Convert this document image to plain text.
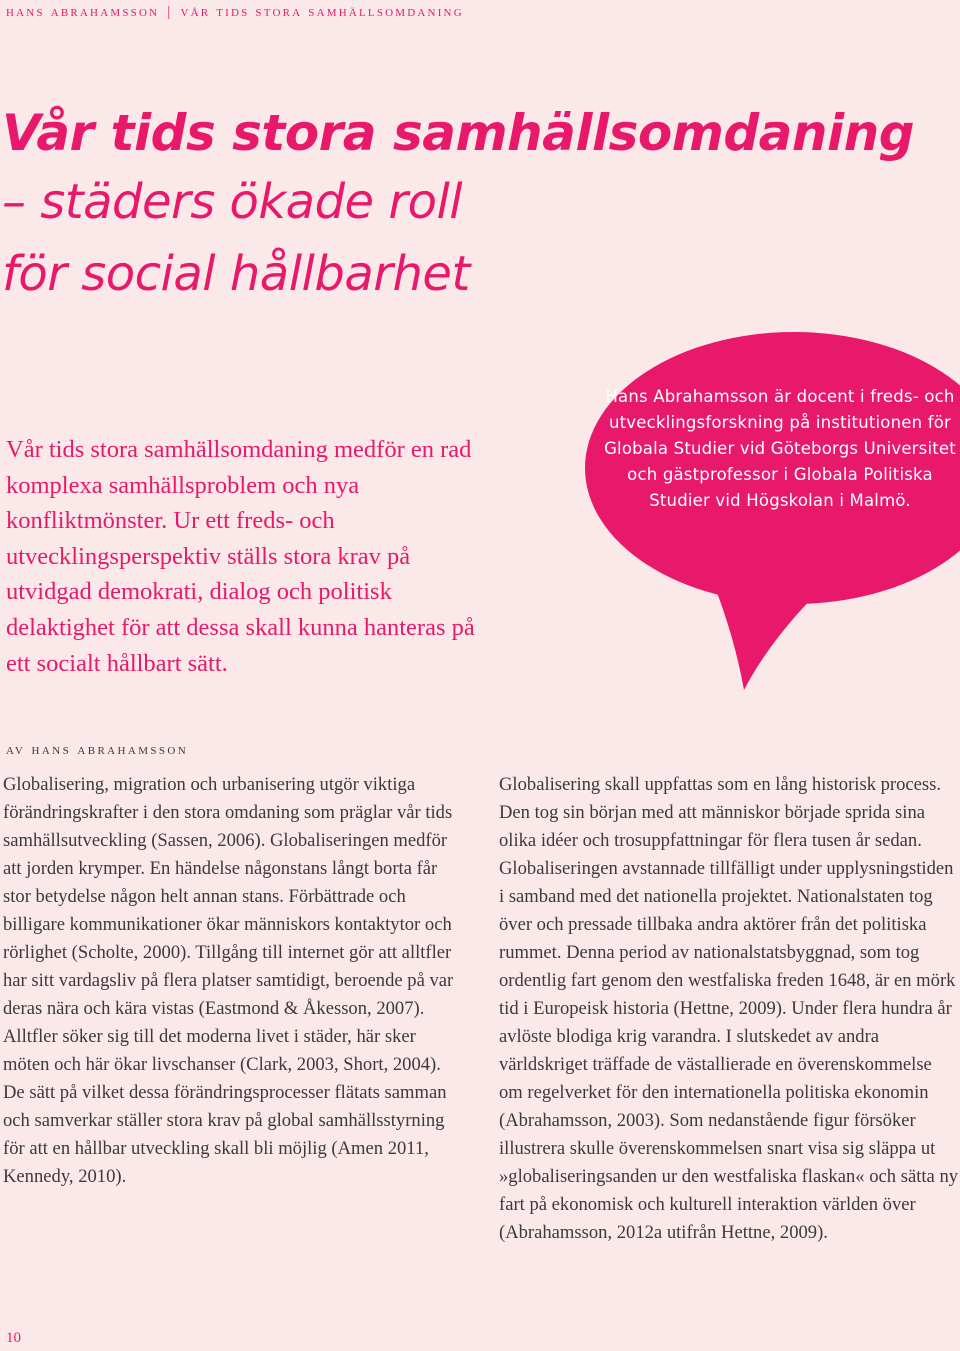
hans abrahamsson | vår tids stora samhällsomdaning
Vår tids stora samhällsomdaning
– städers ökade roll
för social hållbarhet

Vår tids stora samhällsomdaning medför en rad komplexa samhällsproblem och nya konfliktmönster. Ur ett freds- och utvecklingsperspektiv ställs stora krav på utvidgad demokrati, dialog och politisk delaktighet för att dessa skall kunna hanteras på ett socialt hållbart sätt.

Hans Abrahamsson är docent i freds- och utvecklingsforskning på institutionen för Globala Studier vid Göteborgs Universitet och gästprofessor i Globala Politiska Studier vid Högskolan i Malmö.

av hans abrahamsson

Globalisering, migration och urbanisering utgör viktiga förändringskrafter i den stora omdaning som präglar vår tids samhällsutveckling (Sassen, 2006). Globaliseringen medför att jorden krymper. En händelse någonstans långt borta får stor betydelse någon helt annan stans. Förbättrade och billigare kommunikationer ökar människors kontaktytor och rörlighet (Scholte, 2000). Tillgång till internet gör att alltfler har sitt vardagsliv på flera platser samtidigt, beroende på var deras nära och kära vistas (Eastmond & Åkesson, 2007). Alltfler söker sig till det moderna livet i städer, här sker möten och här ökar livschanser (Clark, 2003, Short, 2004). De sätt på vilket dessa förändringsprocesser flätats samman och samverkar ställer stora krav på global samhällsstyrning för att en hållbar utveckling skall bli möjlig (Amen 2011, Kennedy, 2010).

Globalisering skall uppfattas som en lång historisk process. Den tog sin början med att människor började sprida sina olika idéer och trosuppfattningar för flera tusen år sedan. Globaliseringen avstannade tillfälligt under upplysningstiden i samband med det nationella projektet. Nationalstaten tog över och pressade tillbaka andra aktörer från det politiska rummet. Denna period av nationalstatsbyggnad, som tog ordentlig fart genom den westfaliska freden 1648, är en mörk tid i Europeisk historia (Hettne, 2009). Under flera hundra år avlöste blodiga krig varandra. I slutskedet av andra världskriget träffade de västallierade en överenskommelse om regelverket för den internationella politiska ekonomin (Abrahamsson, 2003). Som nedanstående figur försöker illustrera skulle överenskommelsen snart visa sig släppa ut »globaliseringsanden ur den westfaliska flaskan« och sätta ny fart på ekonomisk och kulturell interaktion världen över (Abrahamsson, 2012a utifrån Hettne, 2009).

10
